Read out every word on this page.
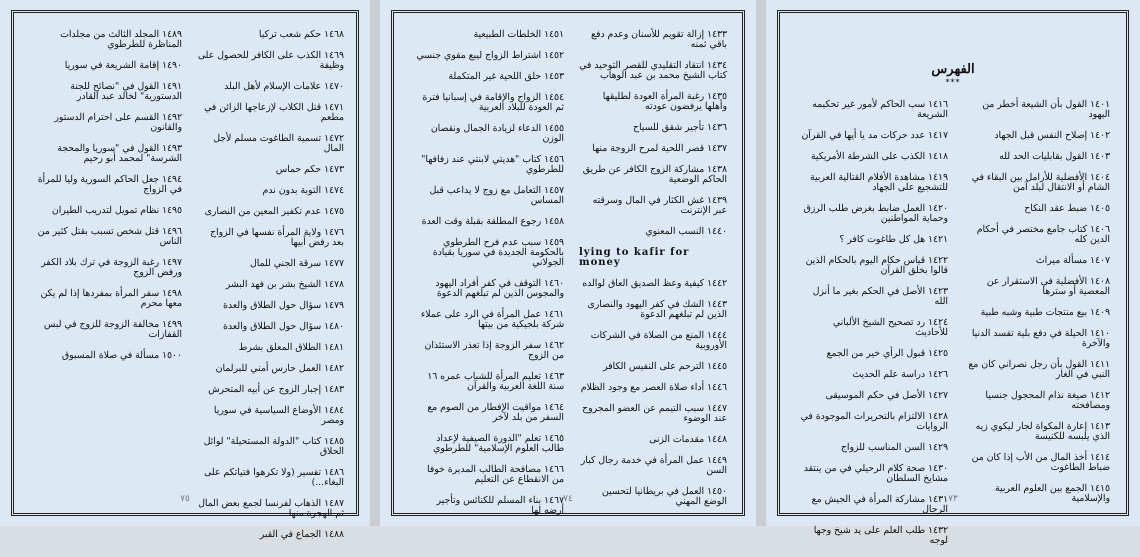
١٤٦٨ حكم شعب تركيا
١٤٦٩ الكذب على الكافر للحصول على وظيفة
١٤٧٠ علامات الإسلام لأهل البلد
١٤٧١ قتل الكلاب لإزعاجها الزائن في مطعم
١٤٧٢ تسمية الطاغوت مسلم لأجل المال
١٤٧٣ حكم حماس
١٤٧٤ التوبة بدون ندم
١٤٧٥ عدم تكفير المعين من النصارى
١٤٧٦ ولاية المرأة نفسها في الزواج بعد رفض أبيها
١٤٧٧ سرقة الجني للمال
١٤٧٨ الشيخ بشر بن فهد البشر
١٤٧٩ سؤال حول الطلاق والعدة
١٤٨٠ سؤال حول الطلاق والعدة
١٤٨١ الطلاق المعلق بشرط
١٤٨٢ العمل حارس أمني للبرلمان
١٤٨٣ إجبار الزوج عن أبيه المتحرش
١٤٨٤ الأوضاع السياسية في سوريا ومصر
١٤٨٥ كتاب "الدولة المستحيلة" لوائل الحلاق
١٤٨٦ تفسير (ولا تكرهوا فتياتكم على البغاء...)
١٤٨٧ الذهاب لفرنسا لجمع بعض المال ثم الهجرة منها
١٤٨٨ الجماع في القبر
١٤٨٩ المجلد الثالث من مجلدات المناظرة للطرطوي
١٤٩٠ إقامة الشريعة في سوريا
١٤٩١ القول في "نصائح للجنة الدستورية" لخالد عبد القادر
١٤٩٢ القسم على احترام الدستور والقانون
١٤٩٣ القول في "سوريا والمحجة الشرسة" لمحمد أبو رحيم
١٤٩٤ جعل الحاكم السورية وليا للمرأة في الزواج
١٤٩٥ نظام تمويل لتدريب الطيران
١٤٩٦ قتل شخص تسبب بقتل كثير من الناس
١٤٩٧ رغبة الزوجة في ترك بلاد الكفر ورفض الزوج
١٤٩٨ سفر المرأة بمفردها إذا لم يكن معها محرم
١٤٩٩ مخالفة الزوجة للزوج في لبس القفازات
١٥٠٠ مسألة في صلاة المسبوق
٧٥
١٤٣٣ إزالة تقويم للأسنان وعدم دفع باقي ثمنه
١٤٣٤ انتقاد التقليدي للقصر التوحيد في كتاب الشيخ محمد بن عبد الوهاب
١٤٣٥ رغبة المرأة العودة لطليقها وأهلها يرفضون عودته
١٤٣٦ تأجير شقق للسياح
١٤٣٧ قصر اللحية لمرح الزوجة منها
١٤٣٨ مشاركة الزوج الكافر عن طريق الحاكم الوضعية
١٤٣٩ غش الكثار في المال وسرقته عبر الإنترنت
١٤٤٠ النسب المعنوي
lying to kafir for money
١٤٤٢ كيفية وعظ الصديق العاق لوالده
١٤٤٣ الشك في كفر اليهود والنصارى الذين لم تبلغهم الدعوة
١٤٤٤ المنع من الصلاة في الشركات الأوروبية
١٤٤٥ الترحم على النفيس الكافر
١٤٤٦ أداء صلاة العصر مع وجود الظلام
١٤٤٧ سبب التيمم عن العضو المجروح عند الوضوء
١٤٤٨ مقدمات الزنى
١٤٤٩ عمل المرأة في خدمة رجال كبار السن
١٤٥٠ العمل في بريطانيا لتحسين الوضع المهني
١٤٥١ الخلطات الطبيعية
١٤٥٢ اشتراط الزواج ليبع مقوي جنسي
١٤٥٣ حلق اللحية غير المتكملة
١٤٥٤ الزواج والإقامة في إسبانيا فترة ثم العودة للبلاد العربية
١٤٥٥ الدعاء لزيادة الجمال ونقصان الوزن
١٤٥٦ كتاب "هديتي لابنتي عند زفافها" للطرطوي
١٤٥٧ التعامل مع زوج لا يداعب قبل المساس
١٤٥٨ رجوع المطلقة بقبلة وقت العدة
١٤٥٩ سبب عدم فرح الطرطوي بالحكومة الجديدة في سوريا بقيادة الجولاني
١٤٦٠ التوقف في كفر أفراد اليهود والمجوس الذين لم تبلغهم الدعوة
١٤٦١ عمل المرأة في الرد على عملاء شركة بلجيكية من بيتها
١٤٦٢ سفر الزوجة إذا تعذر الاستئذان من الزوج
١٤٦٣ تعليم المرأة للشباب عمره ١٦ سنة اللغة العربية والقرآن
١٤٦٤ مواقيت الإفطار من الصوم مع السفر من بلد لآخر
١٤٦٥ تعلم "الدورة الصيفية لإعداد طالب العلوم الإسلامية" للطرطوي
١٤٦٦ مصافحة الطالب المديرة خوفا من الانقطاع عن التعليم
١٤٦٧ بناء المسلم للكنائس وتأجير أرضه لها
٧٤
الفهرس
***
١٤٠١ القول بأن الشيعة أخطر من اليهود
١٤٠٢ إصلاح النفس قبل الجهاد
١٤٠٣ القول بقابليات الحد لله
١٤٠٤ الأفضلية للأرامل بين البقاء في الشام أو الانتقال لبلد آمن
١٤٠٥ ضبط عقد النكاح
١٤٠٦ كتاب جامع مختصر في أحكام الدين كله
١٤٠٧ مسألة ميراث
١٤٠٨ الأفضلية في الاستقرار عن المعصية أو سترها
١٤٠٩ بيع منتجات طبية وشبه طبية
١٤١٠ الحيلة في دفع بلية تفسد الدنيا والآخرة
١٤١١ القول بأن رجل نصراني كان مع النبي في الغار
١٤١٢ صيغة نذام المحجول جنسيا ومصافحته
١٤١٣ إعارة المكواة لجار ليكوي زيه الذي يلبسه للكنيسة
١٤١٤ أخذ المال من الأب إذا كان من ضباط الطاغوت
١٤١٥ الجمع بين العلوم العربية والإسلامية
١٤١٦ سب الحاكم لأمور غير تحكيمه الشريعة
١٤١٧ عدد حركات مد يا أيها في القرآن
١٤١٨ الكذب على الشرطة الأمريكية
١٤١٩ مشاهدة الأفلام القتالية العربية للتشجيع على الجهاد
١٤٢٠ العمل ضابط بغرض طلب الرزق وحماية المواطنين
١٤٢١ هل كل طاغوت كافر ؟
١٤٢٢ قياس حكام اليوم بالحكام الذين قالوا بخلق القرآن
١٤٢٣ الأصل في الحكم بغير ما أنزل الله
١٤٢٤ رد تصحيح الشيخ الألباني للأحاديث
١٤٢٥ قبول الرأي خير من الجمع
١٤٢٦ دراسة علم الحديث
١٤٢٧ الأصل في حكم الموسيقى
١٤٢٨ الالتزام بالتحريرات الموجودة في الروايات
١٤٢٩ السن المناسب للزواج
١٤٣٠ صحة كلام الرحيلي في من ينتقد مشايخ السلطان
١٤٣١ مشاركة المرأة في الجيش مع الرجال
١٤٣٢ طلب العلم على يد شيخ وجها لوجه
٧٣
